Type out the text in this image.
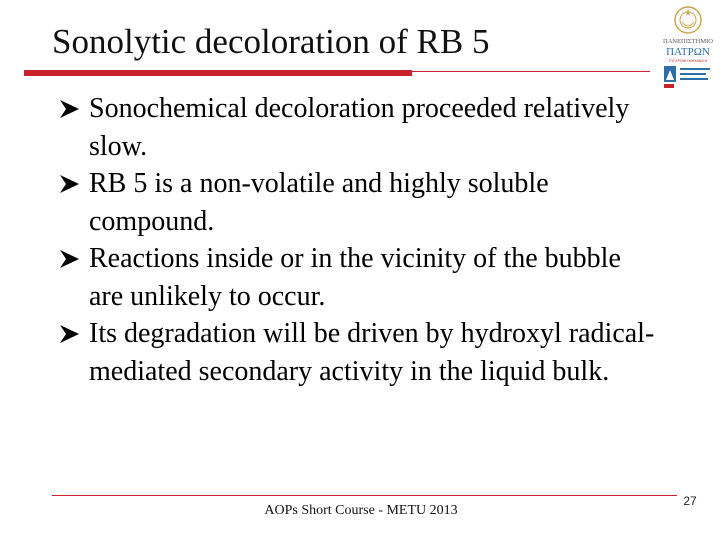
Sonolytic decoloration of RB 5	ΠΑΝΕΠΙΣΤΗΜΙΟ
ΠΑΤΡΩΝ
ΣΥΓΧΡΟΝΗ ΜΗΧΑΝΙΚΗ
Sonochemical decoloration proceeded relatively slow.
RB 5 is a non-volatile and highly soluble compound.
Reactions inside or in the vicinity of the bubble are unlikely to occur.
Its degradation will be driven by hydroxyl radical-mediated secondary activity in the liquid bulk.
AOPs Short Course - METU 2013
27
